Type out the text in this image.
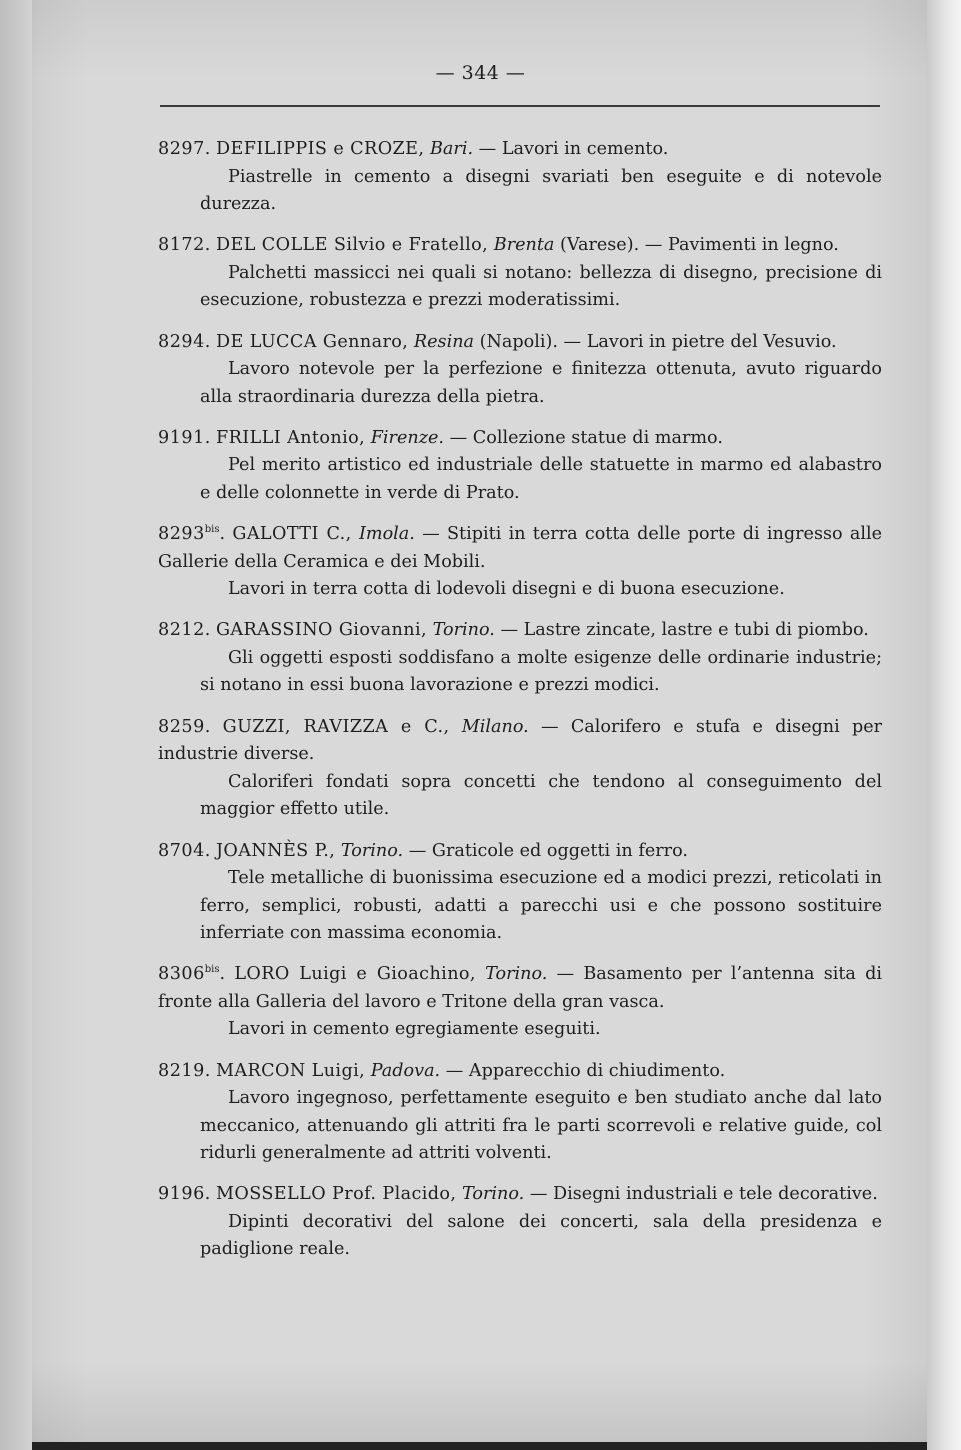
— 344 —

8297. DEFILIPPIS e CROZE, Bari. — Lavori in cemento.

Piastrelle in cemento a disegni svariati ben eseguite e di notevole durezza.

8172. DEL COLLE Silvio e Fratello, Brenta (Varese). — Pavimenti in legno.

Palchetti massicci nei quali si notano: bellezza di disegno, precisione di esecuzione, robustezza e prezzi moderatissimi.

8294. DE LUCCA Gennaro, Resina (Napoli). — Lavori in pietre del Vesuvio.

Lavoro notevole per la perfezione e finitezza ottenuta, avuto riguardo alla straordinaria durezza della pietra.

9191. FRILLI Antonio, Firenze. — Collezione statue di marmo.

Pel merito artistico ed industriale delle statuette in marmo ed alabastro e delle colonnette in verde di Prato.

$8293^{bis}$. GALOTTI C., Imola. — Stipiti in terra cotta delle porte di ingresso alle Gallerie della Ceramica e dei Mobili.

Lavori in terra cotta di lodevoli disegni e di buona esecuzione.

8212. GARASSINO Giovanni, Torino. — Lastre zincate, lastre e tubi di piombo.

Gli oggetti esposti soddisfano a molte esigenze delle ordinarie industrie; si notano in essi buona lavorazione e prezzi modici.

8259. GUZZI, RAVIZZA e C., Milano. — Calorifero e stufa e disegni per industrie diverse.

Caloriferi fondati sopra concetti che tendono al conseguimento del maggior effetto utile.

8704. JOANNÈS P., Torino. — Graticole ed oggetti in ferro.

Tele metalliche di buonissima esecuzione ed a modici prezzi, reticolati in ferro, semplici, robusti, adatti a parecchi usi e che possono sostituire inferriate con massima economia.

$8306^{bis}$. LORO Luigi e Gioachino, Torino. — Basamento per l’antenna sita di fronte alla Galleria del lavoro e Tritone della gran vasca.

Lavori in cemento egregiamente eseguiti.

8219. MARCON Luigi, Padova. — Apparecchio di chiudimento.

Lavoro ingegnoso, perfettamente eseguito e ben studiato anche dal lato meccanico, attenuando gli attriti fra le parti scorrevoli e relative guide, col ridurli generalmente ad attriti volventi.

9196. MOSSELLO Prof. Placido, Torino. — Disegni industriali e tele decorative.

Dipinti decorativi del salone dei concerti, sala della presidenza e padiglione reale.
